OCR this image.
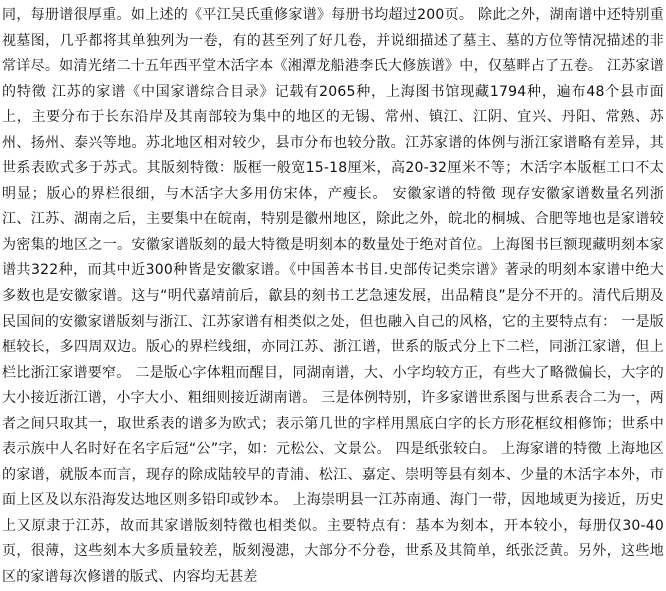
同，每册谱很厚重。如上述的《平江吴氏重修家谱》每册书均超过200页。 除此之外，湖南谱中还特别重视墓图，几乎都将其单独列为一卷，有的甚至列了好几卷，并说细描述了墓主、墓的方位等情况描述的非常详尽。如清光绪二十五年西平堂木活字本《湘潭龙船港李氏大修族谱》中，仅墓畔占了五卷。 江苏家谱的特徵 江苏的家谱《中国家谱综合目录》记载有2065种，上海图书馆现藏1794种，遍布48个县市面上，主要分布于长东沿岸及其南部较为集中的地区的无锡、常州、镇江、江阴、宜兴、丹阳、常熟、苏州、扬州、泰兴等地。苏北地区相对较少，县市分布也较分散。江苏家谱的体例与浙江家谱略有差异，其世系表欧式多于苏式。其版刻特徵：版框一般宽15-18厘米，高20-32厘米不等；木活字本版框工口不太明显；版心的界栏很细，与木活字大多用仿宋体，产瘦长。 安徽家谱的特徵 现存安徽家谱数量名列浙江、江苏、湖南之后，主要集中在皖南，特别是徽州地区，除此之外，皖北的桐城、合肥等地也是家谱较为密集的地区之一。安徽家谱版刻的最大特徵是明刻本的数量处于绝对首位。上海图书巨额现藏明刻本家谱共322种，而其中近300种皆是安徽家谱。《中国善本书目.史部传记类宗谱》著录的明刻本家谱中绝大多数也是安徽家谱。这与“明代嘉靖前后，歙县的刻书工艺急速发展，出品精良”是分不开的。清代后期及民国间的安徽家谱版刻与浙江、江苏家谱有相类似之处，但也融入自己的风格，它的主要特点有： 一是版框较长，多四周双边。版心的界栏线细，亦同江苏、浙江谱，世系的版式分上下二栏，同浙江家谱，但上栏比浙江家谱要窄。 二是版心字体粗而醒目，同湖南谱，大、小字均较方正，有些大了略微偏长，大字的大小接近浙江谱，小字大小、粗细则接近湖南谱。 三是体例特别，许多家谱世系图与世系表合二为一，两者之间只取其一，取世系表的谱多为欧式；表示第几世的字样用黑底白字的长方形花框纹相修饰；世系中表示族中人名时好在名字后冠“公”字，如：元松公、文景公。 四是纸张较白。 上海家谱的特徵 上海地区的家谱，就版本而言，现存的除成陆较早的青浦、松江、嘉定、崇明等县有刻本、少量的木活字本外，市面上区及以东沿海发达地区则多铅印或钞本。 上海崇明县一江苏南通、海门一带，因地域更为接近，历史上又原隶于江苏，故而其家谱版刻特徵也相类似。主要特点有：基本为刻本，开本较小，每册仅30-40页，很薄，这些刻本大多质量较差，版刻漫漶，大部分不分卷，世系及其简单，纸张泛黄。另外，这些地区的家谱每次修谱的版式、内容均无甚差
